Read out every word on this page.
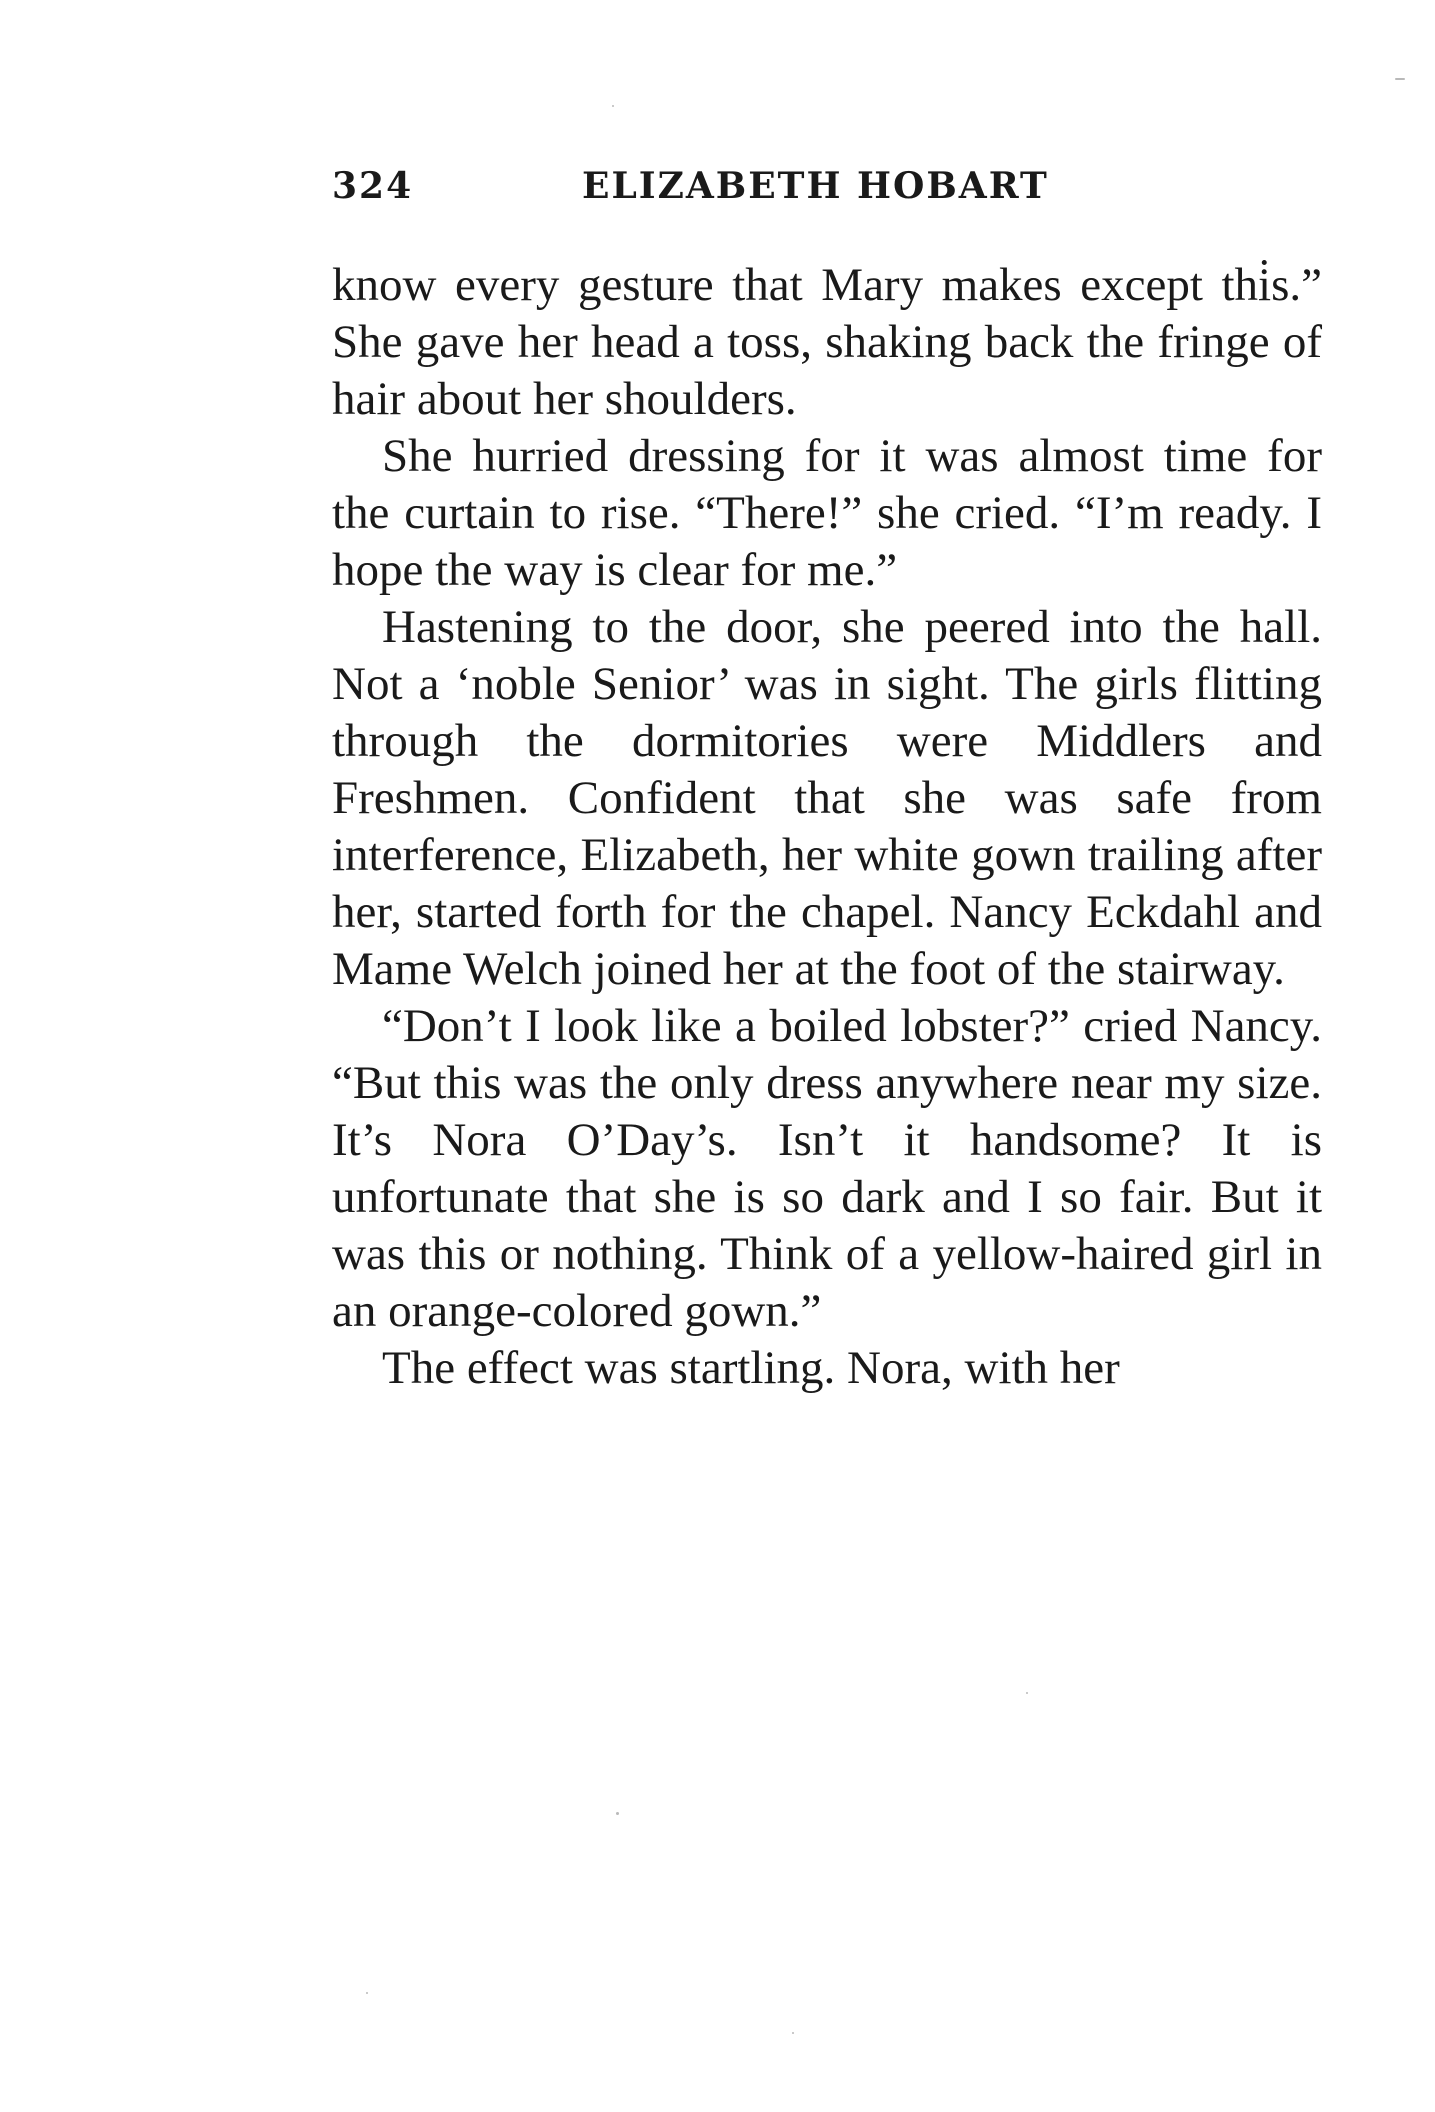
324	ELIZABETH HOBART

know every gesture that Mary makes except thi̇s.” She gave her head a toss, shaking back the fringe of hair about her shoulders.

She hurried dressing for it was almost time for the curtain to rise. “There!” she cried. “I’m ready. I hope the way is clear for me.”

Hastening to the door, she peered into the hall. Not a ‘noble Senior’ was in sight. The girls flitting through the dormitories were Middlers and Freshmen. Confident that she was safe from interference, Elizabeth, her white gown trailing after her, started forth for the chapel. Nancy Eckdahl and Mame Welch joined her at the foot of the stairway.

“Don’t I look like a boiled lobster?” cried Nancy. “But this was the only dress anywhere near my size. It’s Nora O’Day’s. Isn’t it handsome? It is unfortunate that she is so dark and I so fair. But it was this or nothing. Think of a yellow-haired girl in an orange-colored gown.”

The effect was startling. Nora, with her
